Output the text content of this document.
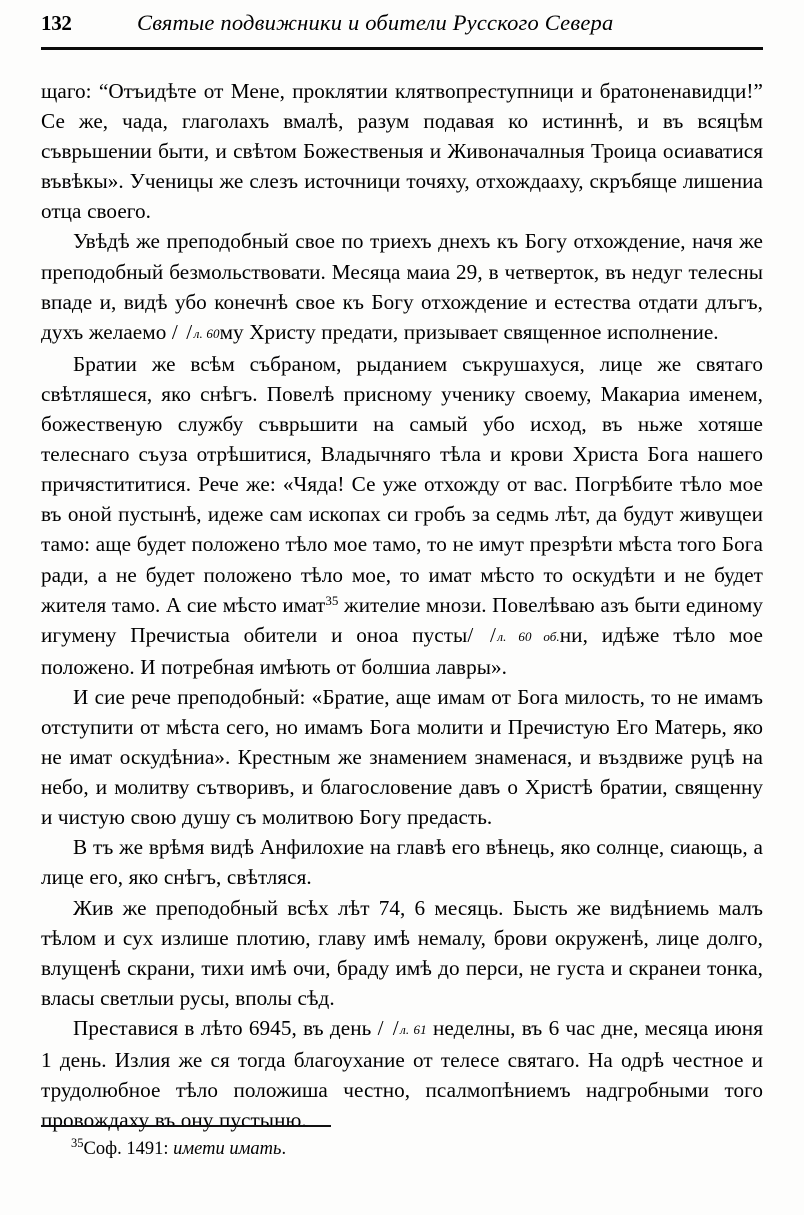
132	Святые подвижники и обители Русского Севера

щаго: “Отъидѣте от Мене, проклятии клятвопреступници и братоненавидци!” Се же, чада, глаголахъ вмалѣ, разум подавая ко истиннѣ, и въ всяцѣм съврьшении быти, и свѣтом Божественыя и Живоначалныя Троица осиаватися въвѣкы». Ученицы же слезъ источници точяху, отхождааху, скръбяще лишениа отца своего.

Увѣдѣ же преподобный свое по триехъ днехъ къ Богу отхождение, начя же преподобный безмольствовати. Месяца маиа 29, в четверток, въ недуг телесны впаде и, видѣ убо конечнѣ свое къ Богу отхождение и естества отдати длъгъ, духъ желаемо / /л. 60му Христу предати, призывает священное исполнение.

Братии же всѣм събраном, рыданием съкрушахуся, лице же святаго свѣтляшеся, яко снѣгъ. Повелѣ присному ученику своему, Макариа именем, божественую службу съврьшити на самый убо исход, въ ньже хотяше телеснаго съуза отрѣшитися, Владычняго тѣла и крови Христа Бога нашего причястититися. Рече же: «Чяда! Се уже отхожду от вас. Погрѣбите тѣло мое въ оной пустынѣ, идеже сам ископах си гробъ за седмь лѣт, да будут живущеи тамо: аще будет положено тѣло мое тамо, то не имут презрѣти мѣста того Бога ради, а не будет положено тѣло мое, то имат мѣсто то оскудѣти и не будет жителя тамо. А сие мѣсто имат$^{35}$ жителие мнози. Повелѣваю азъ быти единому игумену Пречистыа обители и оноа пусты/ /л. 60 об.ни, идѣже тѣло мое положено. И потребная имѣють от болшиа лавры».

И сие рече преподобный: «Братие, аще имам от Бога милость, то не имамъ отступити от мѣста сего, но имамъ Бога молити и Пречистую Его Матерь, яко не имат оскудѣниа». Крестным же знамением знаменася, и въздвиже руцѣ на небо, и молитву сътворивъ, и благословение давъ о Христѣ братии, священну и чистую свою душу съ молитвою Богу предасть.

В тъ же врѣмя видѣ Анфилохие на главѣ его вѣнець, яко солнце, сиающь, а лице его, яко снѣгъ, свѣтляся.

Жив же преподобный всѣх лѣт 74, 6 месяць. Бысть же видѣниемь малъ тѣлом и сух излише плотию, главу имѣ немалу, брови окруженѣ, лице долго, влущенѣ скрани, тихи имѣ очи, браду имѣ до перси, не густа и скранеи тонка, власы светлыи русы, вполы сѣд.

Преставися в лѣто 6945, въ день / /л. 61 неделны, въ 6 час дне, месяца июня 1 день. Излия же ся тогда благоухание от телесе святаго. На одрѣ честное и трудолюбное тѣло положиша честно, псалмопѣниемъ надгробными того провождаху въ ону пустыню.

$^{35}$Соф. 1491: имети имать.
